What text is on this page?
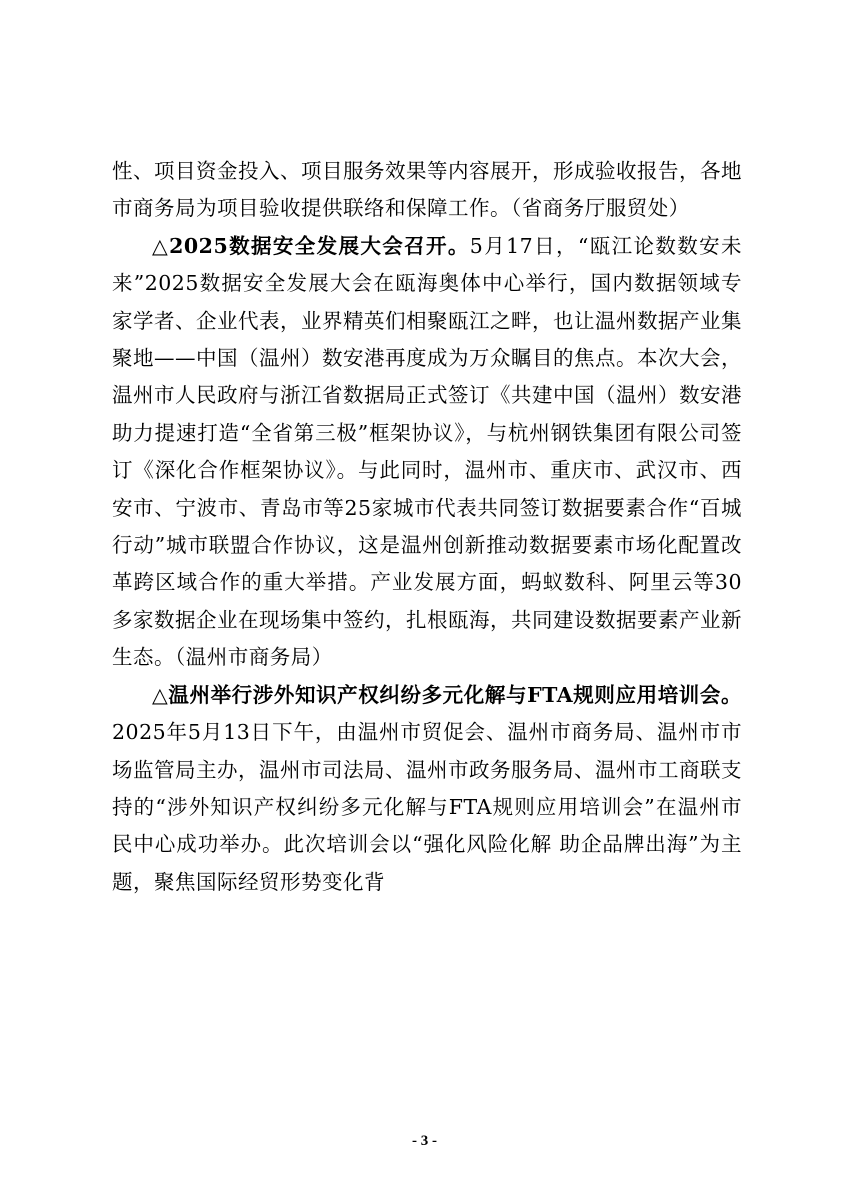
性、项目资金投入、项目服务效果等内容展开，形成验收报告，各地市商务局为项目验收提供联络和保障工作。（省商务厅服贸处）

△2025数据安全发展大会召开。5月17日，“瓯江论数数安未来”2025数据安全发展大会在瓯海奥体中心举行，国内数据领域专家学者、企业代表，业界精英们相聚瓯江之畔，也让温州数据产业集聚地——中国（温州）数安港再度成为万众瞩目的焦点。本次大会，温州市人民政府与浙江省数据局正式签订《共建中国（温州）数安港助力提速打造“全省第三极”框架协议》，与杭州钢铁集团有限公司签订《深化合作框架协议》。与此同时，温州市、重庆市、武汉市、西安市、宁波市、青岛市等25家城市代表共同签订数据要素合作“百城行动”城市联盟合作协议，这是温州创新推动数据要素市场化配置改革跨区域合作的重大举措。产业发展方面，蚂蚁数科、阿里云等30多家数据企业在现场集中签约，扎根瓯海，共同建设数据要素产业新生态。（温州市商务局）

△温州举行涉外知识产权纠纷多元化解与FTA规则应用培训会。2025年5月13日下午，由温州市贸促会、温州市商务局、温州市市场监管局主办，温州市司法局、温州市政务服务局、温州市工商联支持的“涉外知识产权纠纷多元化解与FTA规则应用培训会”在温州市民中心成功举办。此次培训会以“强化风险化解 助企品牌出海”为主题，聚焦国际经贸形势变化背

- 3 -
